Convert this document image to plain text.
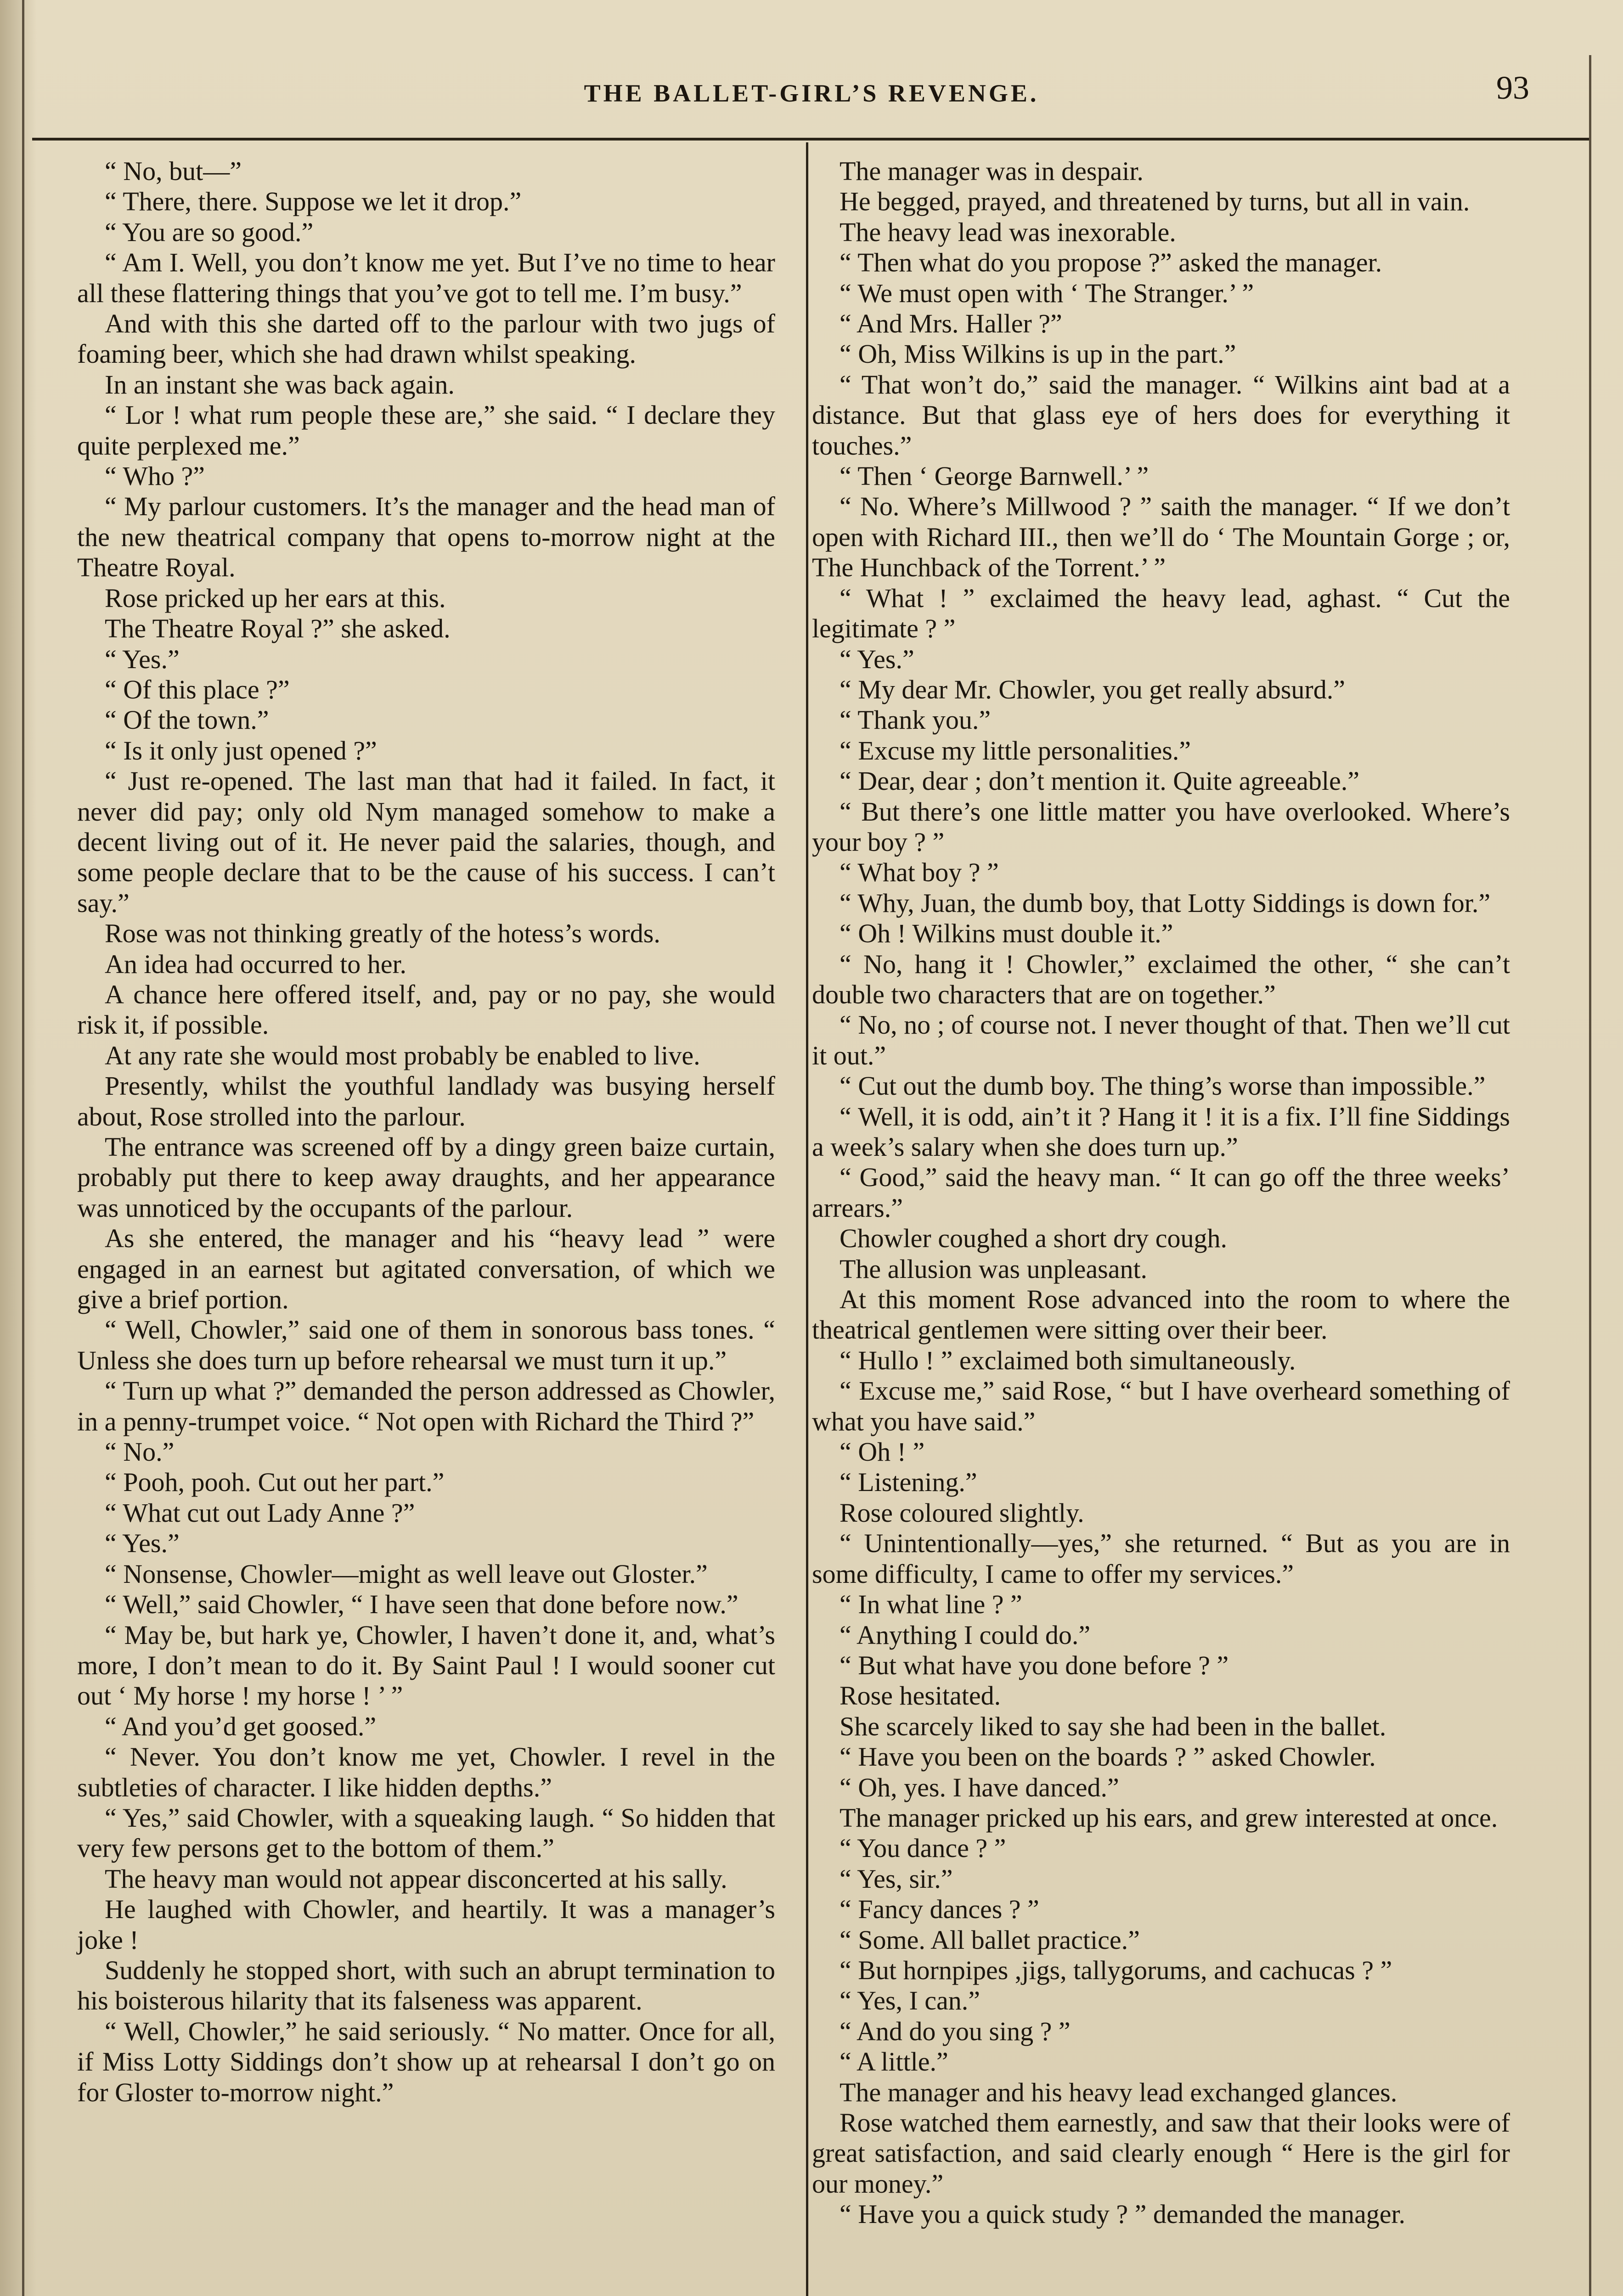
THE BALLET-GIRL’S REVENGE.	93

“ No, but—”

“ There, there. Suppose we let it drop.”

“ You are so good.”

“ Am I. Well, you don’t know me yet. But I’ve no time to hear all these flattering things that you’ve got to tell me. I’m busy.”

And with this she darted off to the parlour with two jugs of foaming beer, which she had drawn whilst speaking.

In an instant she was back again.

“ Lor ! what rum people these are,” she said. “ I declare they quite perplexed me.”

“ Who ?”

“ My parlour customers. It’s the manager and the head man of the new theatrical company that opens to-morrow night at the Theatre Royal.

Rose pricked up her ears at this.

The Theatre Royal ?” she asked.

“ Yes.”

“ Of this place ?”

“ Of the town.”

“ Is it only just opened ?”

“ Just re-opened. The last man that had it failed. In fact, it never did pay; only old Nym managed somehow to make a decent living out of it. He never paid the salaries, though, and some people declare that to be the cause of his success. I can’t say.”

Rose was not thinking greatly of the hotess’s words.

An idea had occurred to her.

A chance here offered itself, and, pay or no pay, she would risk it, if possible.

At any rate she would most probably be enabled to live.

Presently, whilst the youthful landlady was busying herself about, Rose strolled into the parlour.

The entrance was screened off by a dingy green baize curtain, probably put there to keep away draughts, and her appearance was unnoticed by the occupants of the parlour.

As she entered, the manager and his “heavy lead ” were engaged in an earnest but agitated conversation, of which we give a brief portion.

“ Well, Chowler,” said one of them in sonorous bass tones. “ Unless she does turn up before rehearsal we must turn it up.”

“ Turn up what ?” demanded the person addressed as Chowler, in a penny-trumpet voice. “ Not open with Richard the Third ?”

“ No.”

“ Pooh, pooh. Cut out her part.”

“ What cut out Lady Anne ?”

“ Yes.”

“ Nonsense, Chowler—might as well leave out Gloster.”

“ Well,” said Chowler, “ I have seen that done before now.”

“ May be, but hark ye, Chowler, I haven’t done it, and, what’s more, I don’t mean to do it. By Saint Paul ! I would sooner cut out ‘ My horse ! my horse ! ’ ”

“ And you’d get goosed.”

“ Never. You don’t know me yet, Chowler. I revel in the subtleties of character. I like hidden depths.”

“ Yes,” said Chowler, with a squeaking laugh. “ So hidden that very few persons get to the bottom of them.”

The heavy man would not appear disconcerted at his sally.

He laughed with Chowler, and heartily. It was a manager’s joke !

Suddenly he stopped short, with such an abrupt termination to his boisterous hilarity that its falseness was apparent.

“ Well, Chowler,” he said seriously. “ No matter. Once for all, if Miss Lotty Siddings don’t show up at rehearsal I don’t go on for Gloster to-morrow night.”

The manager was in despair.

He begged, prayed, and threatened by turns, but all in vain.

The heavy lead was inexorable.

“ Then what do you propose ?” asked the manager.

“ We must open with ‘ The Stranger.’ ”

“ And Mrs. Haller ?”

“ Oh, Miss Wilkins is up in the part.”

“ That won’t do,” said the manager. “ Wilkins aint bad at a distance. But that glass eye of hers does for everything it touches.”

“ Then ‘ George Barnwell.’ ”

“ No. Where’s Millwood ? ” saith the manager. “ If we don’t open with Richard III., then we’ll do ‘ The Mountain Gorge ; or, The Hunchback of the Torrent.’ ”

“ What ! ” exclaimed the heavy lead, aghast. “ Cut the legitimate ? ”

“ Yes.”

“ My dear Mr. Chowler, you get really absurd.”

“ Thank you.”

“ Excuse my little personalities.”

“ Dear, dear ; don’t mention it. Quite agreeable.”

“ But there’s one little matter you have overlooked. Where’s your boy ? ”

“ What boy ? ”

“ Why, Juan, the dumb boy, that Lotty Siddings is down for.”

“ Oh ! Wilkins must double it.”

“ No, hang it ! Chowler,” exclaimed the other, “ she can’t double two characters that are on together.”

“ No, no ; of course not. I never thought of that. Then we’ll cut it out.”

“ Cut out the dumb boy. The thing’s worse than impossible.”

“ Well, it is odd, ain’t it ? Hang it ! it is a fix. I’ll fine Siddings a week’s salary when she does turn up.”

“ Good,” said the heavy man. “ It can go off the three weeks’ arrears.”

Chowler coughed a short dry cough.

The allusion was unpleasant.

At this moment Rose advanced into the room to where the theatrical gentlemen were sitting over their beer.

“ Hullo ! ” exclaimed both simultaneously.

“ Excuse me,” said Rose, “ but I have overheard something of what you have said.”

“ Oh ! ”

“ Listening.”

Rose coloured slightly.

“ Unintentionally—yes,” she returned. “ But as you are in some difficulty, I came to offer my services.”

“ In what line ? ”

“ Anything I could do.”

“ But what have you done before ? ”

Rose hesitated.

She scarcely liked to say she had been in the ballet.

“ Have you been on the boards ? ” asked Chowler.

“ Oh, yes. I have danced.”

The manager pricked up his ears, and grew interested at once.

“ You dance ? ”

“ Yes, sir.”

“ Fancy dances ? ”

“ Some. All ballet practice.”

“ But hornpipes ,jigs, tallygorums, and cachucas ? ”

“ Yes, I can.”

“ And do you sing ? ”

“ A little.”

The manager and his heavy lead exchanged glances.

Rose watched them earnestly, and saw that their looks were of great satisfaction, and said clearly enough “ Here is the girl for our money.”

“ Have you a quick study ? ” demanded the manager.
